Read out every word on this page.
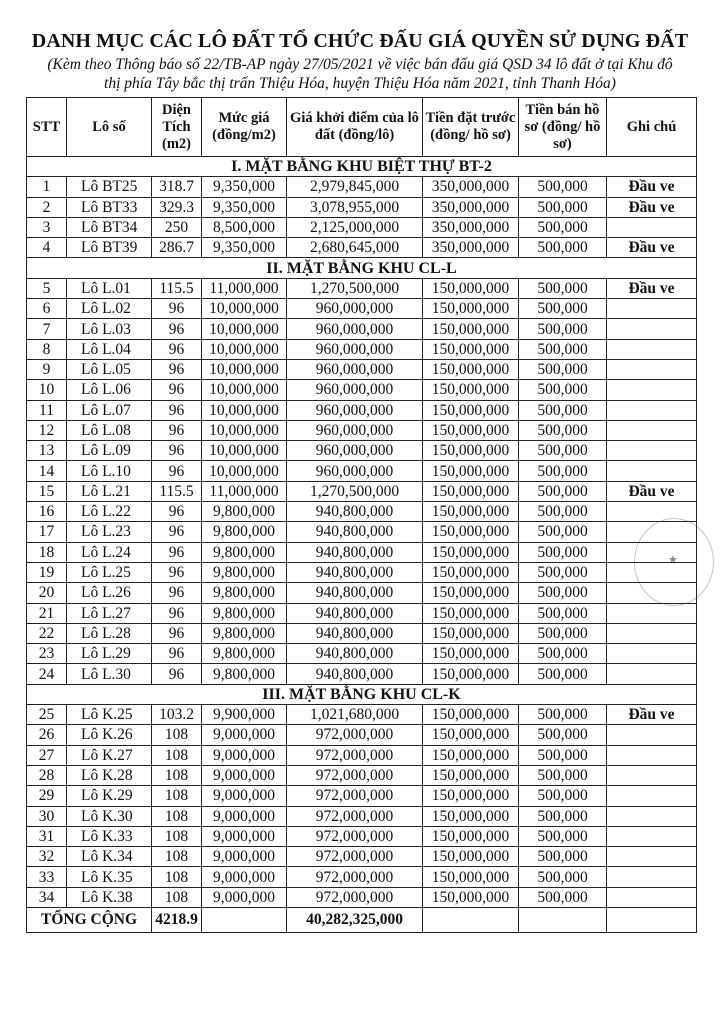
DANH MỤC CÁC LÔ ĐẤT TỔ CHỨC ĐẤU GIÁ QUYỀN SỬ DỤNG ĐẤT
(Kèm theo Thông báo số 22/TB-AP ngày 27/05/2021 về việc bán đấu giá QSD 34 lô đất ở tại Khu đô
thị phía Tây bắc thị trấn Thiệu Hóa, huyện Thiệu Hóa năm 2021, tỉnh Thanh Hóa)
STT	Lô số	Diện Tích (m2)	Mức giá (đồng/m2)	Giá khởi điểm của lô đất (đồng/lô)	Tiền đặt trước (đồng/ hồ sơ)	Tiền bán hồ sơ (đồng/ hồ sơ)	Ghi chú
I. MẶT BẰNG KHU BIỆT THỰ BT-2							
1	Lô BT25	318.7	9,350,000	2,979,845,000	350,000,000	500,000	Đầu ve
2	Lô BT33	329.3	9,350,000	3,078,955,000	350,000,000	500,000	Đầu ve
3	Lô BT34	250	8,500,000	2,125,000,000	350,000,000	500,000	
4	Lô BT39	286.7	9,350,000	2,680,645,000	350,000,000	500,000	Đầu ve
II. MẶT BẰNG KHU CL-L							
5	Lô L.01	115.5	11,000,000	1,270,500,000	150,000,000	500,000	Đầu ve
6	Lô L.02	96	10,000,000	960,000,000	150,000,000	500,000	
7	Lô L.03	96	10,000,000	960,000,000	150,000,000	500,000	
8	Lô L.04	96	10,000,000	960,000,000	150,000,000	500,000	
9	Lô L.05	96	10,000,000	960,000,000	150,000,000	500,000	
10	Lô L.06	96	10,000,000	960,000,000	150,000,000	500,000	
11	Lô L.07	96	10,000,000	960,000,000	150,000,000	500,000	
12	Lô L.08	96	10,000,000	960,000,000	150,000,000	500,000	
13	Lô L.09	96	10,000,000	960,000,000	150,000,000	500,000	
14	Lô L.10	96	10,000,000	960,000,000	150,000,000	500,000	
15	Lô L.21	115.5	11,000,000	1,270,500,000	150,000,000	500,000	Đầu ve
16	Lô L.22	96	9,800,000	940,800,000	150,000,000	500,000	
17	Lô L.23	96	9,800,000	940,800,000	150,000,000	500,000	
18	Lô L.24	96	9,800,000	940,800,000	150,000,000	500,000	
19	Lô L.25	96	9,800,000	940,800,000	150,000,000	500,000	
20	Lô L.26	96	9,800,000	940,800,000	150,000,000	500,000	
21	Lô L.27	96	9,800,000	940,800,000	150,000,000	500,000	
22	Lô L.28	96	9,800,000	940,800,000	150,000,000	500,000	
23	Lô L.29	96	9,800,000	940,800,000	150,000,000	500,000	
24	Lô L.30	96	9,800,000	940,800,000	150,000,000	500,000	
III. MẶT BẰNG KHU CL-K							
25	Lô K.25	103.2	9,900,000	1,021,680,000	150,000,000	500,000	Đầu ve
26	Lô K.26	108	9,000,000	972,000,000	150,000,000	500,000	
27	Lô K.27	108	9,000,000	972,000,000	150,000,000	500,000	
28	Lô K.28	108	9,000,000	972,000,000	150,000,000	500,000	
29	Lô K.29	108	9,000,000	972,000,000	150,000,000	500,000	
30	Lô K.30	108	9,000,000	972,000,000	150,000,000	500,000	
31	Lô K.33	108	9,000,000	972,000,000	150,000,000	500,000	
32	Lô K.34	108	9,000,000	972,000,000	150,000,000	500,000	
33	Lô K.35	108	9,000,000	972,000,000	150,000,000	500,000	
34	Lô K.38	108	9,000,000	972,000,000	150,000,000	500,000	
TỔNG CỘNG		4218.9		40,282,325,000			
★
